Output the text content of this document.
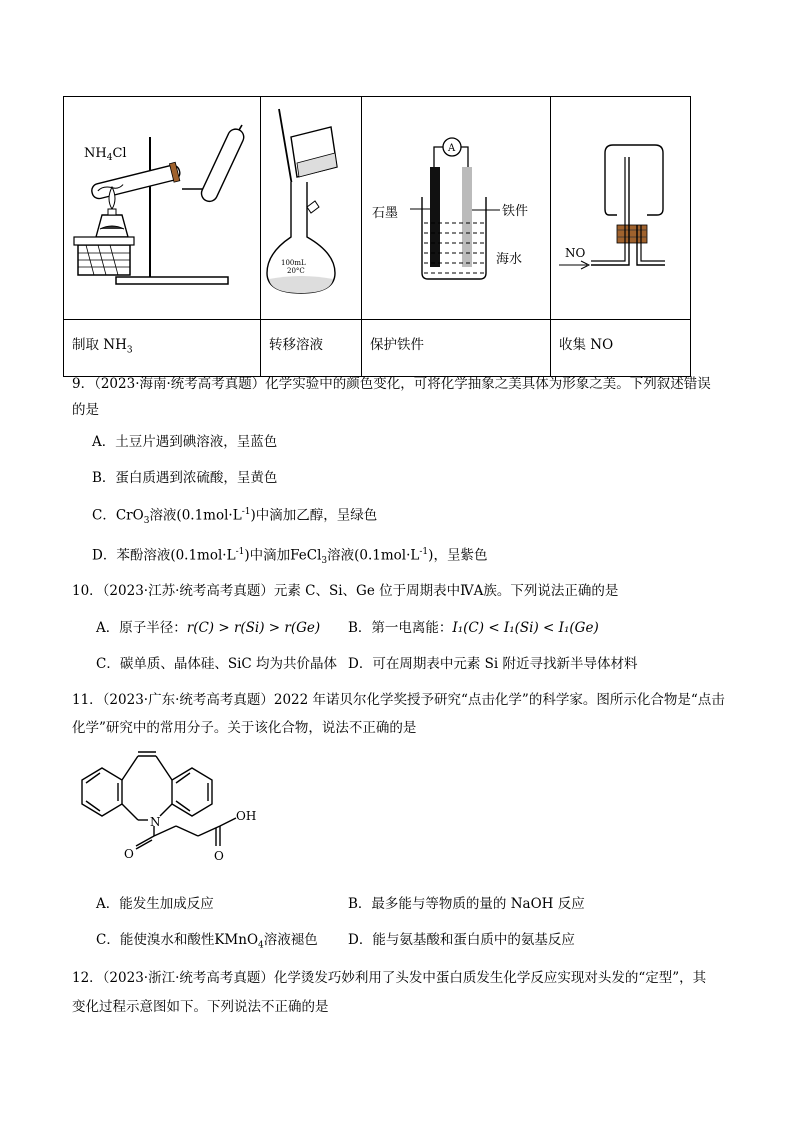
$NH_4Cl$	100mL
20°C	A
石墨 铁件
海水	NO

制取 $NH_3$	转移溶液	保护铁件	收集 NO
9．（2023·海南·统考高考真题）化学实验中的颜色变化，可将化学抽象之美具体为形象之美。下列叙述错误
的是
A．土豆片遇到碘溶液，呈蓝色
B．蛋白质遇到浓硫酸，呈黄色
C．CrO$_3$溶液$(0.1mol\cdot L^{-1})$中滴加乙醇，呈绿色
D．苯酚溶液$(0.1mol\cdot L^{-1})$中滴加FeCl$_3$溶液$(0.1mol\cdot L^{-1})$，呈紫色
10．（2023·江苏·统考高考真题）元素 C、Si、Ge 位于周期表中ⅣA族。下列说法正确的是
A．原子半径：r(C) > r(Si) > r(Ge) B．第一电离能：I₁(C) < I₁(Si) < I₁(Ge)
C．碳单质、晶体硅、SiC 均为共价晶体 D．可在周期表中元素 Si 附近寻找新半导体材料
11．（2023·广东·统考高考真题）2022 年诺贝尔化学奖授予研究“点击化学”的科学家。图所示化合物是“点击
化学”研究中的常用分子。关于该化合物，说法不正确的是
N
O	O
OH
A．能发生加成反应	B．最多能与等物质的量的 NaOH 反应
C．能使溴水和酸性KMnO$_4$溶液褪色 D．能与氨基酸和蛋白质中的氨基反应
12．（2023·浙江·统考高考真题）化学烫发巧妙利用了头发中蛋白质发生化学反应实现对头发的“定型”，其
变化过程示意图如下。下列说法不正确的是
